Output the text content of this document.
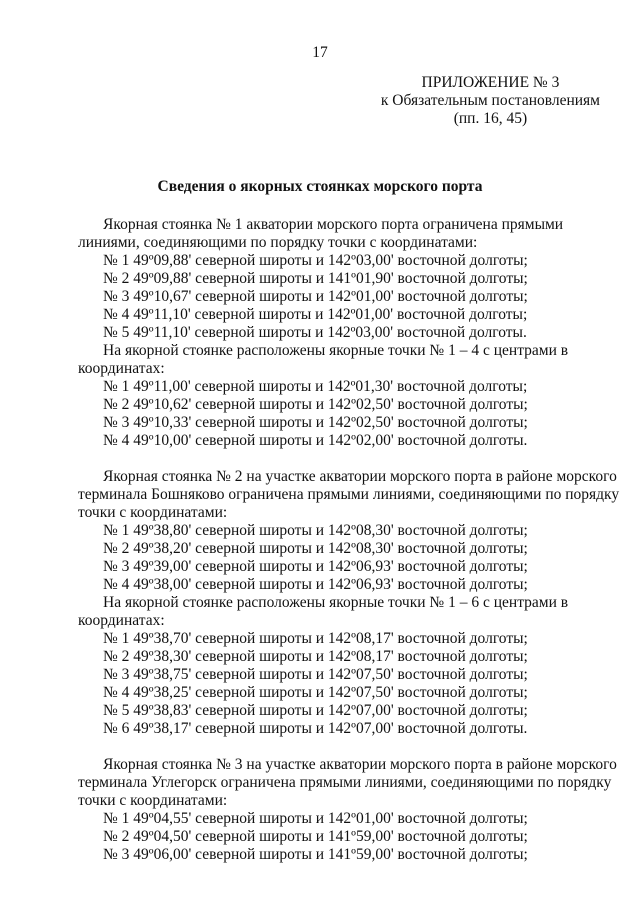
17
ПРИЛОЖЕНИЕ № 3
к Обязательным постановлениям
(пп. 16, 45)
Сведения о якорных стоянках морского порта
Якорная стоянка № 1 акватории морского порта ограничена прямыми
линиями, соединяющими по порядку точки с координатами:
№ 1 49º09,88' северной широты и 142º03,00' восточной долготы;
№ 2 49º09,88' северной широты и 141º01,90' восточной долготы;
№ 3 49º10,67' северной широты и 142º01,00' восточной долготы;
№ 4 49º11,10' северной широты и 142º01,00' восточной долготы;
№ 5 49º11,10' северной широты и 142º03,00' восточной долготы.
На якорной стоянке расположены якорные точки № 1 – 4 с центрами в
координатах:
№ 1 49º11,00' северной широты и 142º01,30' восточной долготы;
№ 2 49º10,62' северной широты и 142º02,50' восточной долготы;
№ 3 49º10,33' северной широты и 142º02,50' восточной долготы;
№ 4 49º10,00' северной широты и 142º02,00' восточной долготы.
Якорная стоянка № 2 на участке акватории морского порта в районе морского
терминала Бошняково ограничена прямыми линиями, соединяющими по порядку
точки с координатами:
№ 1 49º38,80' северной широты и 142º08,30' восточной долготы;
№ 2 49º38,20' северной широты и 142º08,30' восточной долготы;
№ 3 49º39,00' северной широты и 142º06,93' восточной долготы;
№ 4 49º38,00' северной широты и 142º06,93' восточной долготы;
На якорной стоянке расположены якорные точки № 1 – 6 с центрами в
координатах:
№ 1 49º38,70' северной широты и 142º08,17' восточной долготы;
№ 2 49º38,30' северной широты и 142º08,17' восточной долготы;
№ 3 49º38,75' северной широты и 142º07,50' восточной долготы;
№ 4 49º38,25' северной широты и 142º07,50' восточной долготы;
№ 5 49º38,83' северной широты и 142º07,00' восточной долготы;
№ 6 49º38,17' северной широты и 142º07,00' восточной долготы.
Якорная стоянка № 3 на участке акватории морского порта в районе морского
терминала Углегорск ограничена прямыми линиями, соединяющими по порядку
точки с координатами:
№ 1 49º04,55' северной широты и 142º01,00' восточной долготы;
№ 2 49º04,50' северной широты и 141º59,00' восточной долготы;
№ 3 49º06,00' северной широты и 141º59,00' восточной долготы;
